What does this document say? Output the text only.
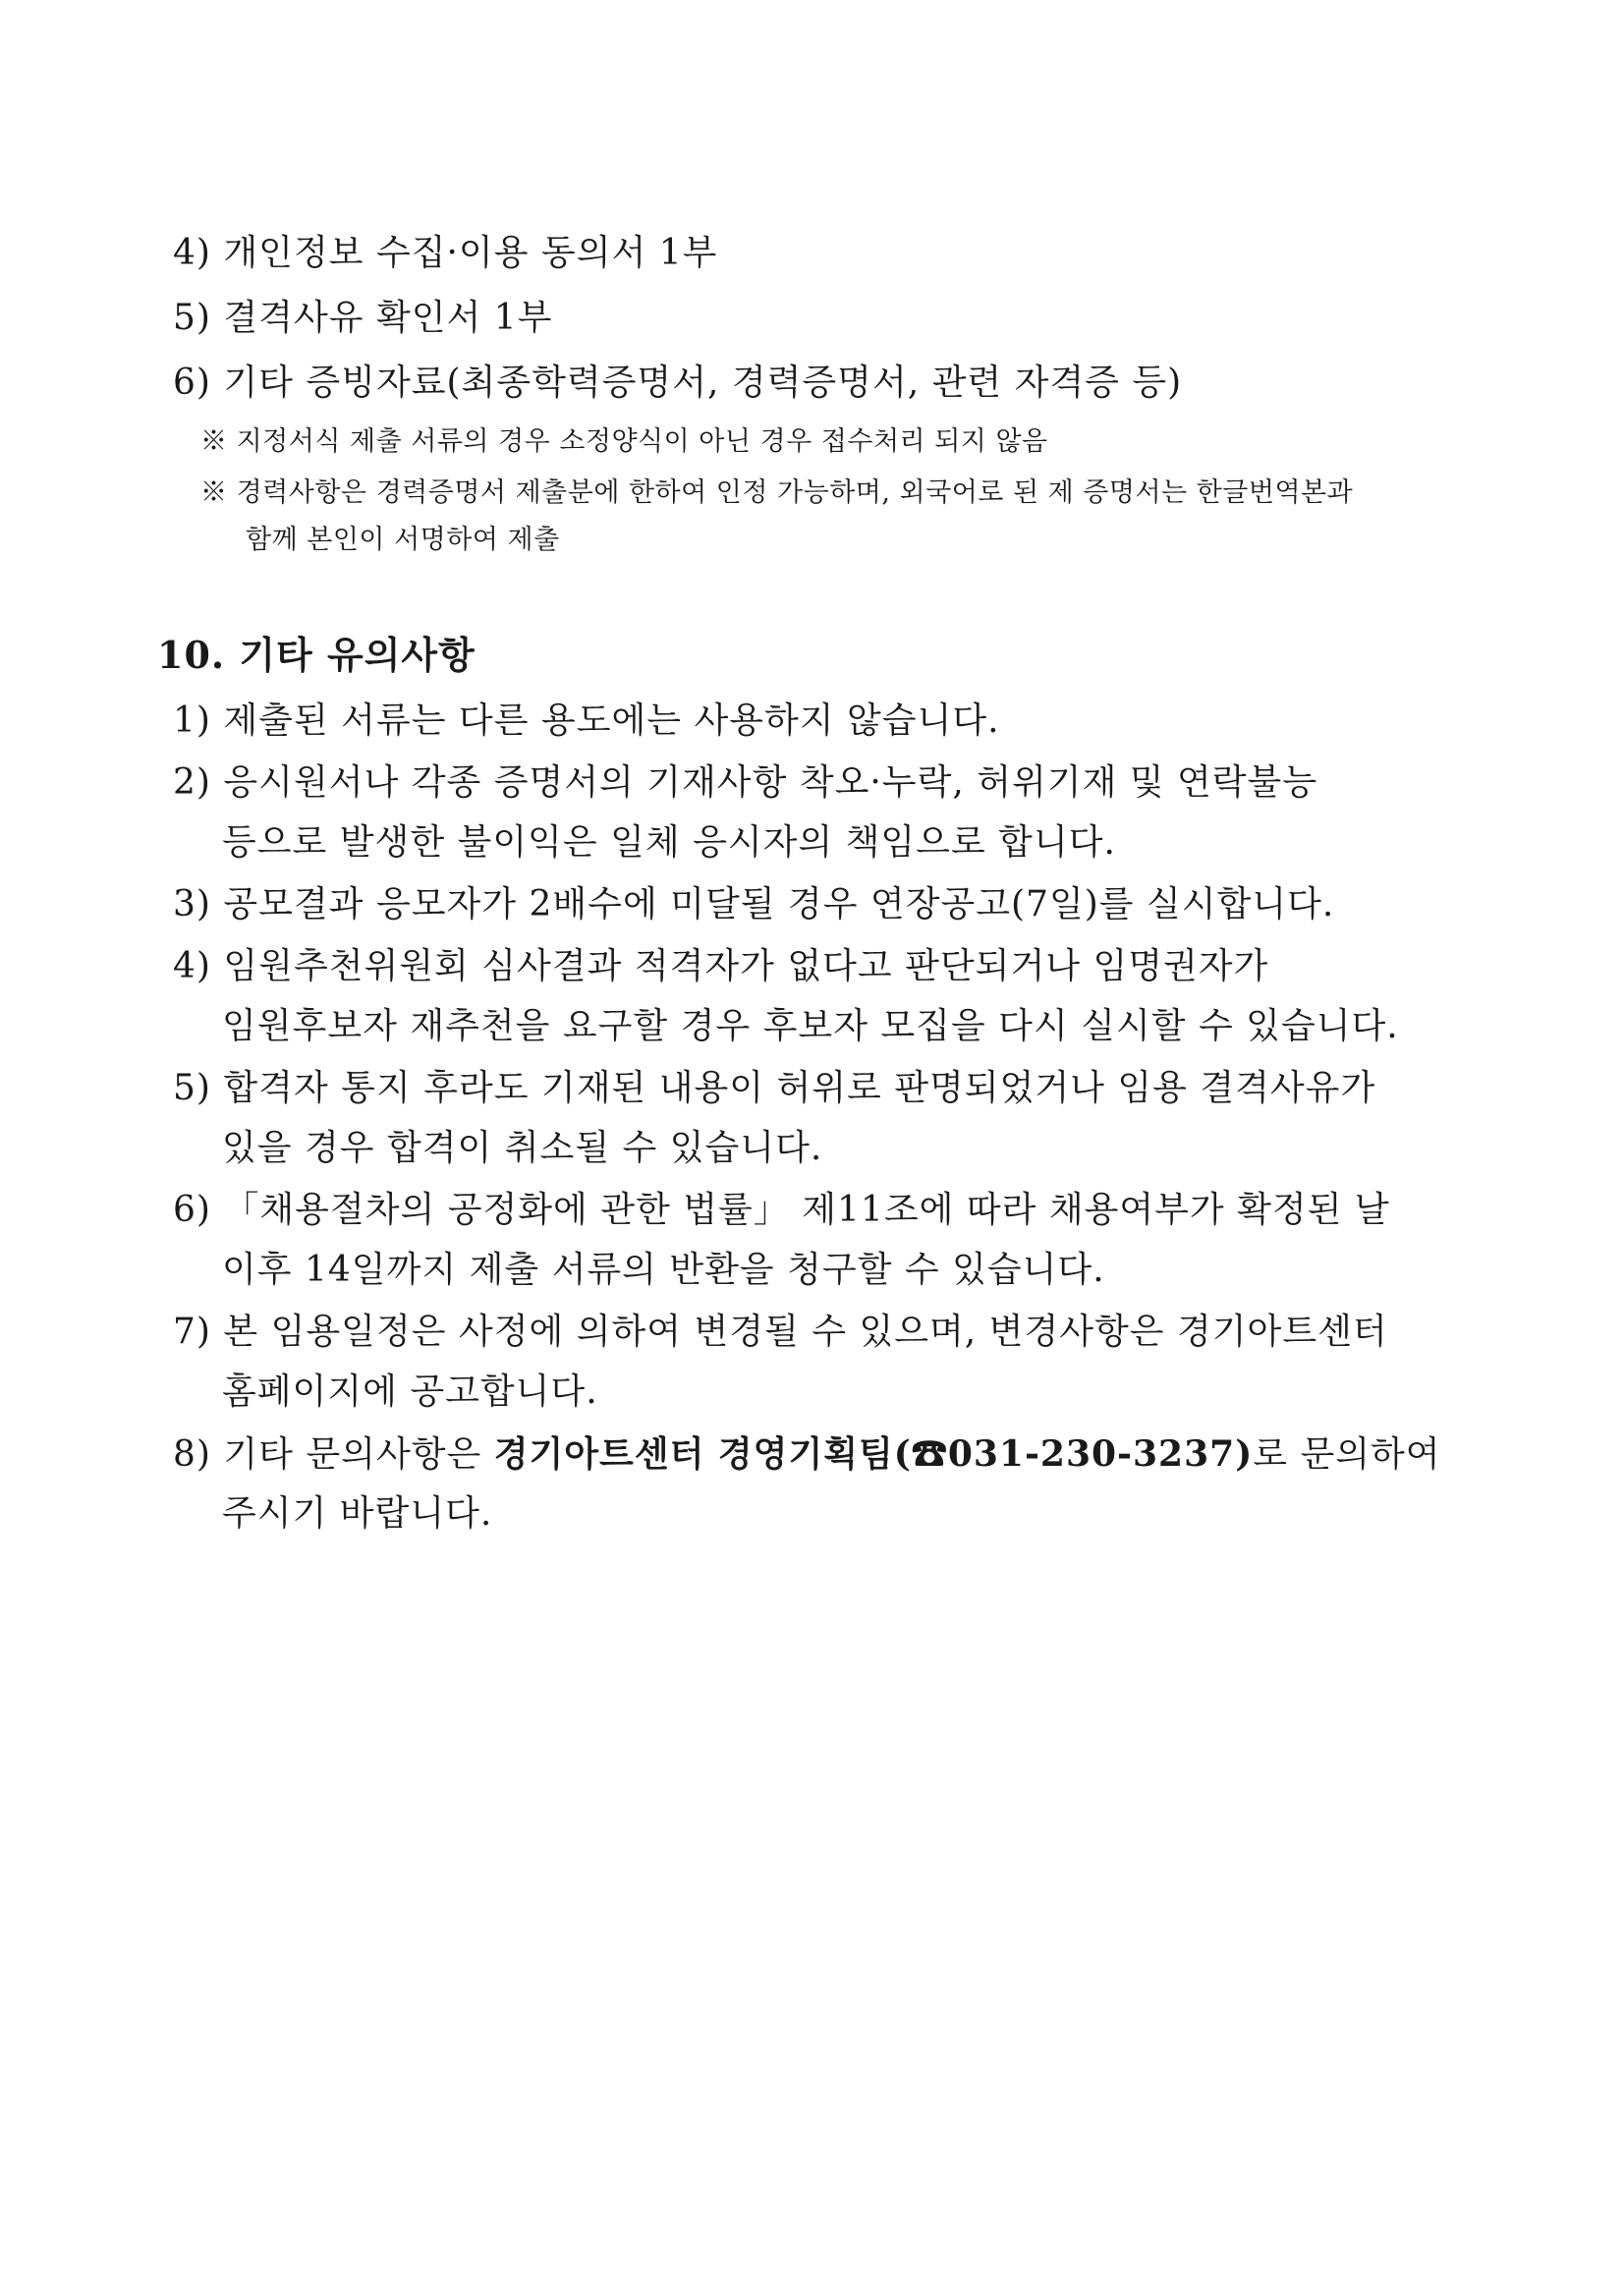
4) 개인정보 수집·이용 동의서 1부
5) 결격사유 확인서 1부
6) 기타 증빙자료(최종학력증명서, 경력증명서, 관련 자격증 등)
※ 지정서식 제출 서류의 경우 소정양식이 아닌 경우 접수처리 되지 않음
※ 경력사항은 경력증명서 제출분에 한하여 인정 가능하며, 외국어로 된 제 증명서는 한글번역본과
함께 본인이 서명하여 제출
10. 기타 유의사항
1) 제출된 서류는 다른 용도에는 사용하지 않습니다.
2) 응시원서나 각종 증명서의 기재사항 착오·누락, 허위기재 및 연락불능
등으로 발생한 불이익은 일체 응시자의 책임으로 합니다.
3) 공모결과 응모자가 2배수에 미달될 경우 연장공고(7일)를 실시합니다.
4) 임원추천위원회 심사결과 적격자가 없다고 판단되거나 임명권자가
임원후보자 재추천을 요구할 경우 후보자 모집을 다시 실시할 수 있습니다.
5) 합격자 통지 후라도 기재된 내용이 허위로 판명되었거나 임용 결격사유가
있을 경우 합격이 취소될 수 있습니다.
6) 「채용절차의 공정화에 관한 법률」 제11조에 따라 채용여부가 확정된 날
이후 14일까지 제출 서류의 반환을 청구할 수 있습니다.
7) 본 임용일정은 사정에 의하여 변경될 수 있으며, 변경사항은 경기아트센터
홈페이지에 공고합니다.
8) 기타 문의사항은 경기아트센터 경영기획팀(☎031-230-3237)로 문의하여
주시기 바랍니다.
